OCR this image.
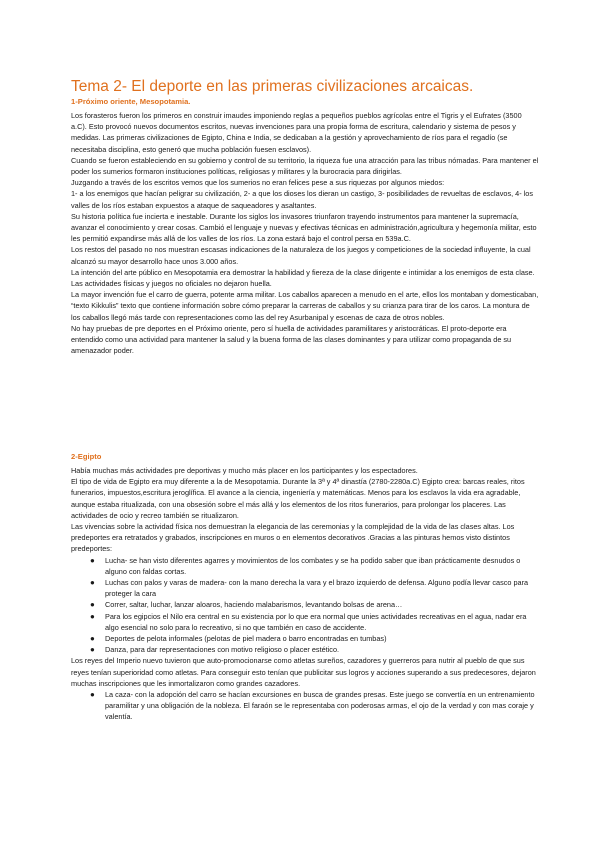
Tema 2- El deporte en las primeras civilizaciones arcaicas.
1-Próximo oriente, Mesopotamia.

Los forasteros fueron los primeros en construir imaudes imponiendo reglas a pequeños pueblos agrícolas entre el Tigris y el Eufrates (3500 a.C). Esto provocó nuevos documentos escritos, nuevas invenciones para una propia forma de escritura, calendario y sistema de pesos y medidas. Las primeras civilizaciones de Egipto, China e India, se dedicaban a la gestión y aprovechamiento de ríos para el regadío (se necesitaba disciplina, esto generó que mucha población fuesen esclavos).

Cuando se fueron estableciendo en su gobierno y control de su territorio, la riqueza fue una atracción para las tribus nómadas. Para mantener el poder los sumerios formaron instituciones políticas, religiosas y militares y la burocracia para dirigirlas.

Juzgando a través de los escritos vemos que los sumerios no eran felices pese a sus riquezas por algunos miedos:

1- a los enemigos que hacían peligrar su civilización, 2- a que los dioses los dieran un castigo, 3- posibilidades de revueltas de esclavos, 4- los valles de los ríos estaban expuestos a ataque de saqueadores y asaltantes.

Su historia política fue incierta e inestable. Durante los siglos los invasores triunfaron trayendo instrumentos para mantener la supremacía, avanzar el conocimiento y crear cosas. Cambió el lenguaje y nuevas y efectivas técnicas en administración,agricultura y hegemonía militar, esto les permitió expandirse más allá de los valles de los ríos. La zona estará bajo el control persa en 539a.C.

Los restos del pasado no nos muestran escasas indicaciones de la naturaleza de los juegos y competiciones de la sociedad influyente, la cual alcanzó su mayor desarrollo hace unos 3.000 años.

La intención del arte público en Mesopotamia era demostrar la habilidad y fiereza de la clase dirigente e intimidar a los enemigos de esta clase. Las actividades físicas y juegos no oficiales no dejaron huella.

La mayor invención fue el carro de guerra, potente arma militar. Los caballos aparecen a menudo en el arte, ellos los montaban y domesticaban, “texto Kikkulis” texto que contiene información sobre cómo preparar la carreras de caballos y su crianza para tirar de los caros. La montura de los caballos llegó más tarde con representaciones como las del rey Asurbanipal y escenas de caza de otros nobles.

No hay pruebas de pre deportes en el Próximo oriente, pero sí huella de actividades paramilitares y aristocráticas. El proto-deporte era entendido como una actividad para mantener la salud y la buena forma de las clases dominantes y para utilizar como propaganda de su amenazador poder.

2-Egipto

Había muchas más actividades pre deportivas y mucho más placer en los participantes y los espectadores.

El tipo de vida de Egipto era muy diferente a la de Mesopotamia. Durante la 3ª y 4ª dinastía (2780-2280a.C) Egipto crea: barcas reales, ritos funerarios, impuestos,escritura jeroglífica. El avance a la ciencia, ingeniería y matemáticas. Menos para los esclavos la vida era agradable, aunque estaba ritualizada, con una obsesión sobre el más allá y los elementos de los ritos funerarios, para prolongar los placeres. Las actividades de ocio y recreo también se ritualizaron.

Las vivencias sobre la actividad física nos demuestran la elegancia de las ceremonias y la complejidad de la vida de las clases altas. Los predeportes era retratados y grabados, inscripciones en muros o en elementos decorativos .Gracias a las pinturas hemos visto distintos predeportes:

● Lucha- se han visto diferentes agarres y movimientos de los combates y se ha podido saber que iban prácticamente desnudos o alguno con faldas cortas.
● Luchas con palos y varas de madera- con la mano derecha la vara y el brazo izquierdo de defensa. Alguno podía llevar casco para proteger la cara
● Correr, saltar, luchar, lanzar aloaros, haciendo malabarismos, levantando bolsas de arena…
● Para los egipcios el Nilo era central en su existencia por lo que era normal que unies actividades recreativas en el agua, nadar era algo esencial no solo para lo recreativo, si no que también en caso de accidente.
● Deportes de pelota informales (pelotas de piel madera o barro encontradas en tumbas)
● Danza, para dar representaciones con motivo religioso o placer estético.

Los reyes del Imperio nuevo tuvieron que auto-promocionarse como atletas sureños, cazadores y guerreros para nutrir al pueblo de que sus reyes tenían superioridad como atletas. Para conseguir esto tenían que publicitar sus logros y acciones superando a sus predecesores, dejaron muchas inscripciones que les inmortalizaron como grandes cazadores.

● La caza- con la adopción del carro se hacían excursiones en busca de grandes presas. Este juego se convertía en un entrenamiento paramilitar y una obligación de la nobleza. El faraón se le representaba con poderosas armas, el ojo de la verdad y con mas coraje y valentía.
